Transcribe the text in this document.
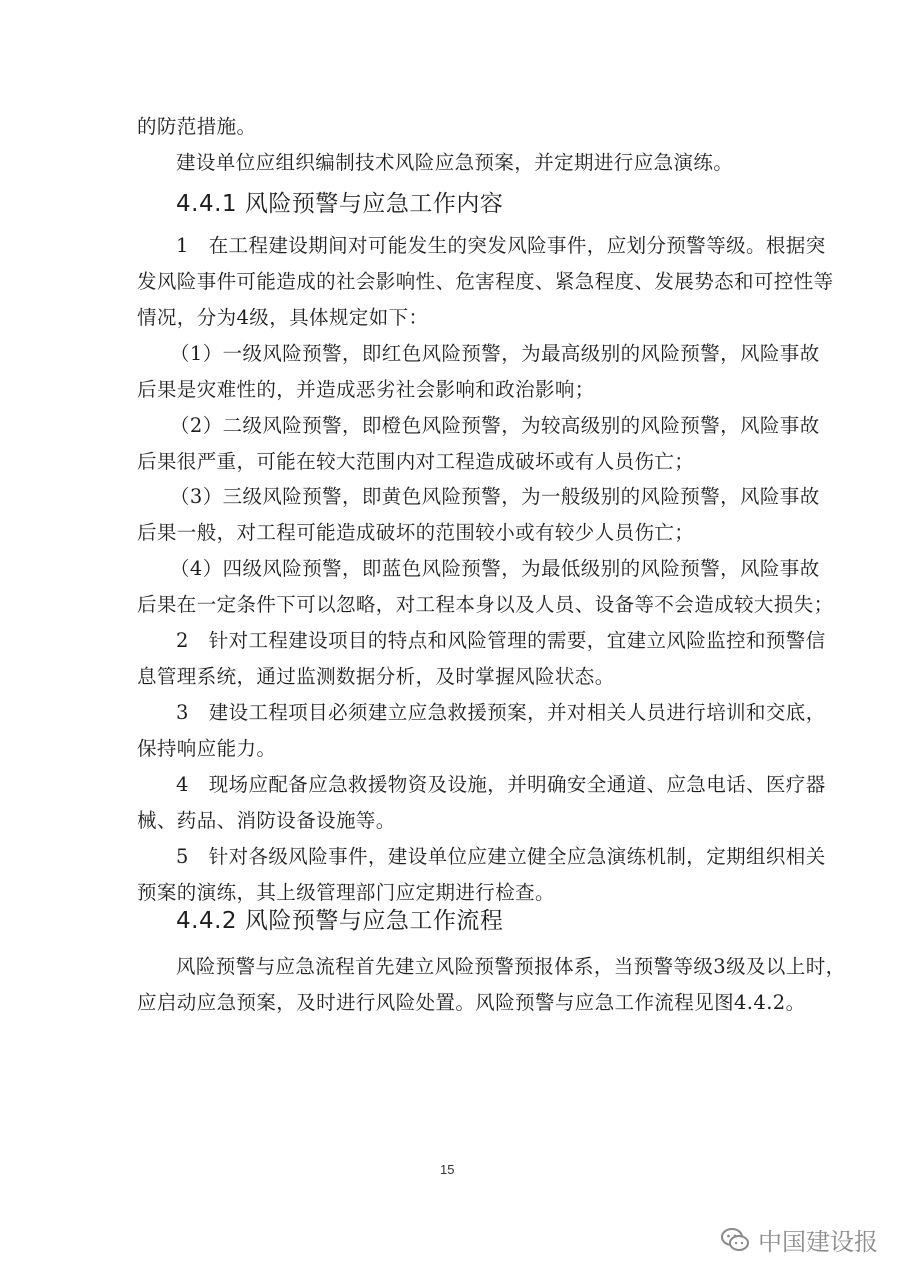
的防范措施。
建设单位应组织编制技术风险应急预案，并定期进行应急演练。
4.4.1 风险预警与应急工作内容
1　在工程建设期间对可能发生的突发风险事件，应划分预警等级。根据突
发风险事件可能造成的社会影响性、危害程度、紧急程度、发展势态和可控性等
情况，分为4级，具体规定如下：
（1）一级风险预警，即红色风险预警，为最高级别的风险预警，风险事故
后果是灾难性的，并造成恶劣社会影响和政治影响；
（2）二级风险预警，即橙色风险预警，为较高级别的风险预警，风险事故
后果很严重，可能在较大范围内对工程造成破坏或有人员伤亡；
（3）三级风险预警，即黄色风险预警，为一般级别的风险预警，风险事故
后果一般，对工程可能造成破坏的范围较小或有较少人员伤亡；
（4）四级风险预警，即蓝色风险预警，为最低级别的风险预警，风险事故
后果在一定条件下可以忽略，对工程本身以及人员、设备等不会造成较大损失；
2　针对工程建设项目的特点和风险管理的需要，宜建立风险监控和预警信
息管理系统，通过监测数据分析，及时掌握风险状态。
3　建设工程项目必须建立应急救援预案，并对相关人员进行培训和交底，
保持响应能力。
4　现场应配备应急救援物资及设施，并明确安全通道、应急电话、医疗器
械、药品、消防设备设施等。
5　针对各级风险事件，建设单位应建立健全应急演练机制，定期组织相关
预案的演练，其上级管理部门应定期进行检查。
4.4.2 风险预警与应急工作流程
风险预警与应急流程首先建立风险预警预报体系，当预警等级3级及以上时，
应启动应急预案，及时进行风险处置。风险预警与应急工作流程见图4.4.2。
15
中国建设报
